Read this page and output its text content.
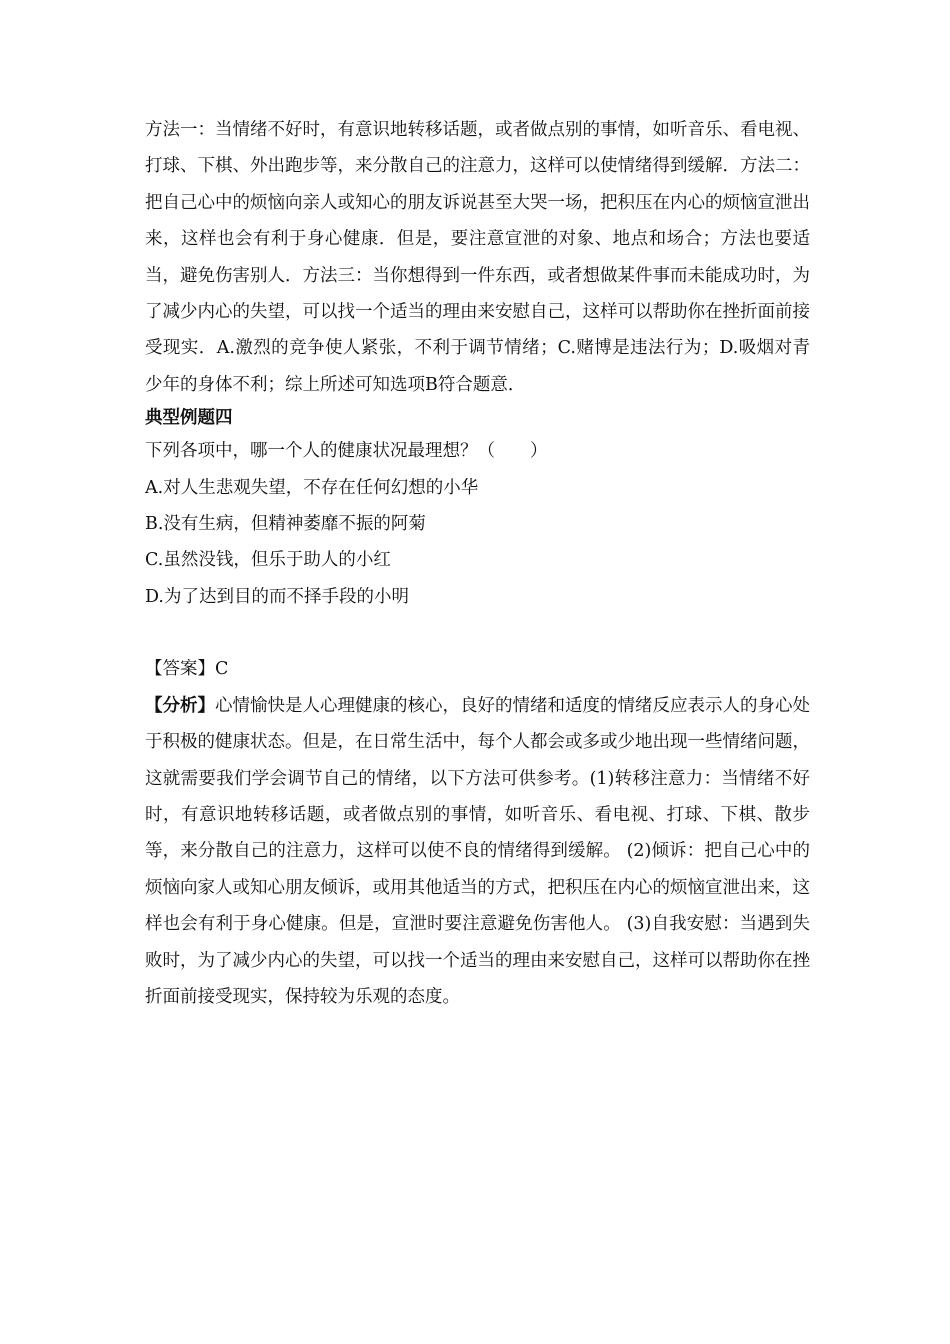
方法一：当情绪不好时，有意识地转移话题，或者做点别的事情，如听音乐、看电视、打球、下棋、外出跑步等，来分散自己的注意力，这样可以使情绪得到缓解．方法二：把自己心中的烦恼向亲人或知心的朋友诉说甚至大哭一场，把积压在内心的烦恼宣泄出来，这样也会有利于身心健康．但是，要注意宣泄的对象、地点和场合；方法也要适当，避免伤害别人．方法三：当你想得到一件东西，或者想做某件事而未能成功时，为了减少内心的失望，可以找一个适当的理由来安慰自己，这样可以帮助你在挫折面前接受现实．A.激烈的竞争使人紧张，不利于调节情绪；C.赌博是违法行为；D.吸烟对青少年的身体不利；综上所述可知选项B符合题意．

典型例题四

下列各项中，哪一个人的健康状况最理想？（　　）

A.对人生悲观失望，不存在任何幻想的小华

B.没有生病，但精神萎靡不振的阿菊

C.虽然没钱，但乐于助人的小红

D.为了达到目的而不择手段的小明

【答案】C

【分析】心情愉快是人心理健康的核心，良好的情绪和适度的情绪反应表示人的身心处于积极的健康状态。但是，在日常生活中，每个人都会或多或少地出现一些情绪问题，这就需要我们学会调节自己的情绪，以下方法可供参考。(1)转移注意力：当情绪不好时，有意识地转移话题，或者做点别的事情，如听音乐、看电视、打球、下棋、散步等，来分散自己的注意力，这样可以使不良的情绪得到缓解。 (2)倾诉：把自己心中的烦恼向家人或知心朋友倾诉，或用其他适当的方式，把积压在内心的烦恼宣泄出来，这样也会有利于身心健康。但是，宣泄时要注意避免伤害他人。 (3)自我安慰：当遇到失败时，为了减少内心的失望，可以找一个适当的理由来安慰自己，这样可以帮助你在挫折面前接受现实，保持较为乐观的态度。
